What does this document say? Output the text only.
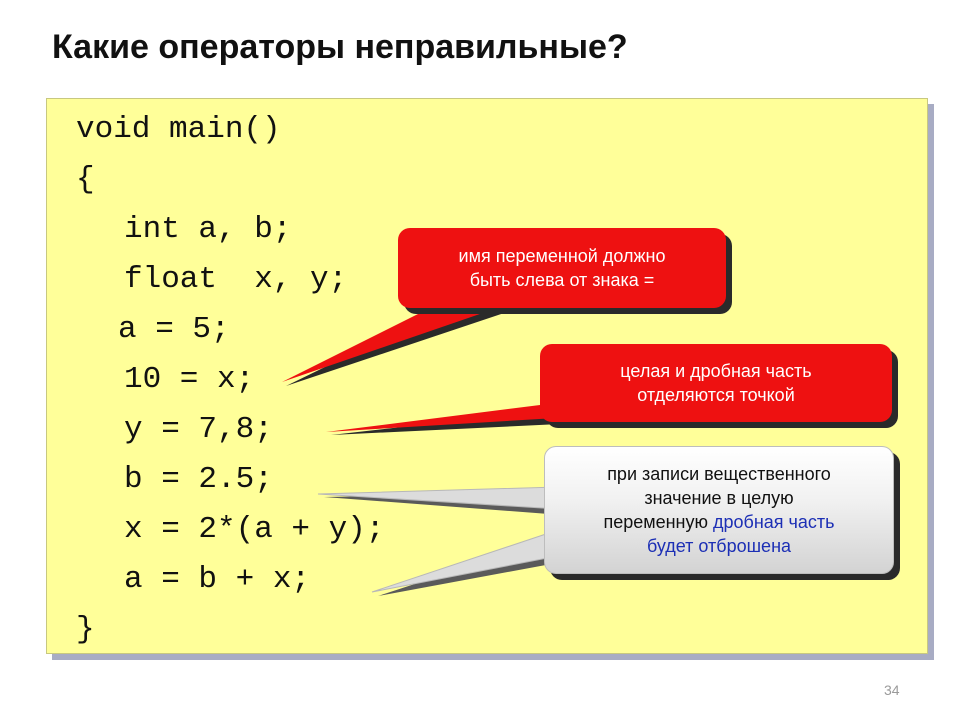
Какие операторы неправильные?
void main()
{
int a, b;
float  x, y;
a = 5;
10 = x;
y = 7,8;
b = 2.5;
x = 2*(a + y);
a = b + x;
}
имя переменной должно
быть слева от знака =
целая и дробная часть
отделяются точкой
при записи вещественного
значение в целую
переменную дробная часть
будет отброшена
34
